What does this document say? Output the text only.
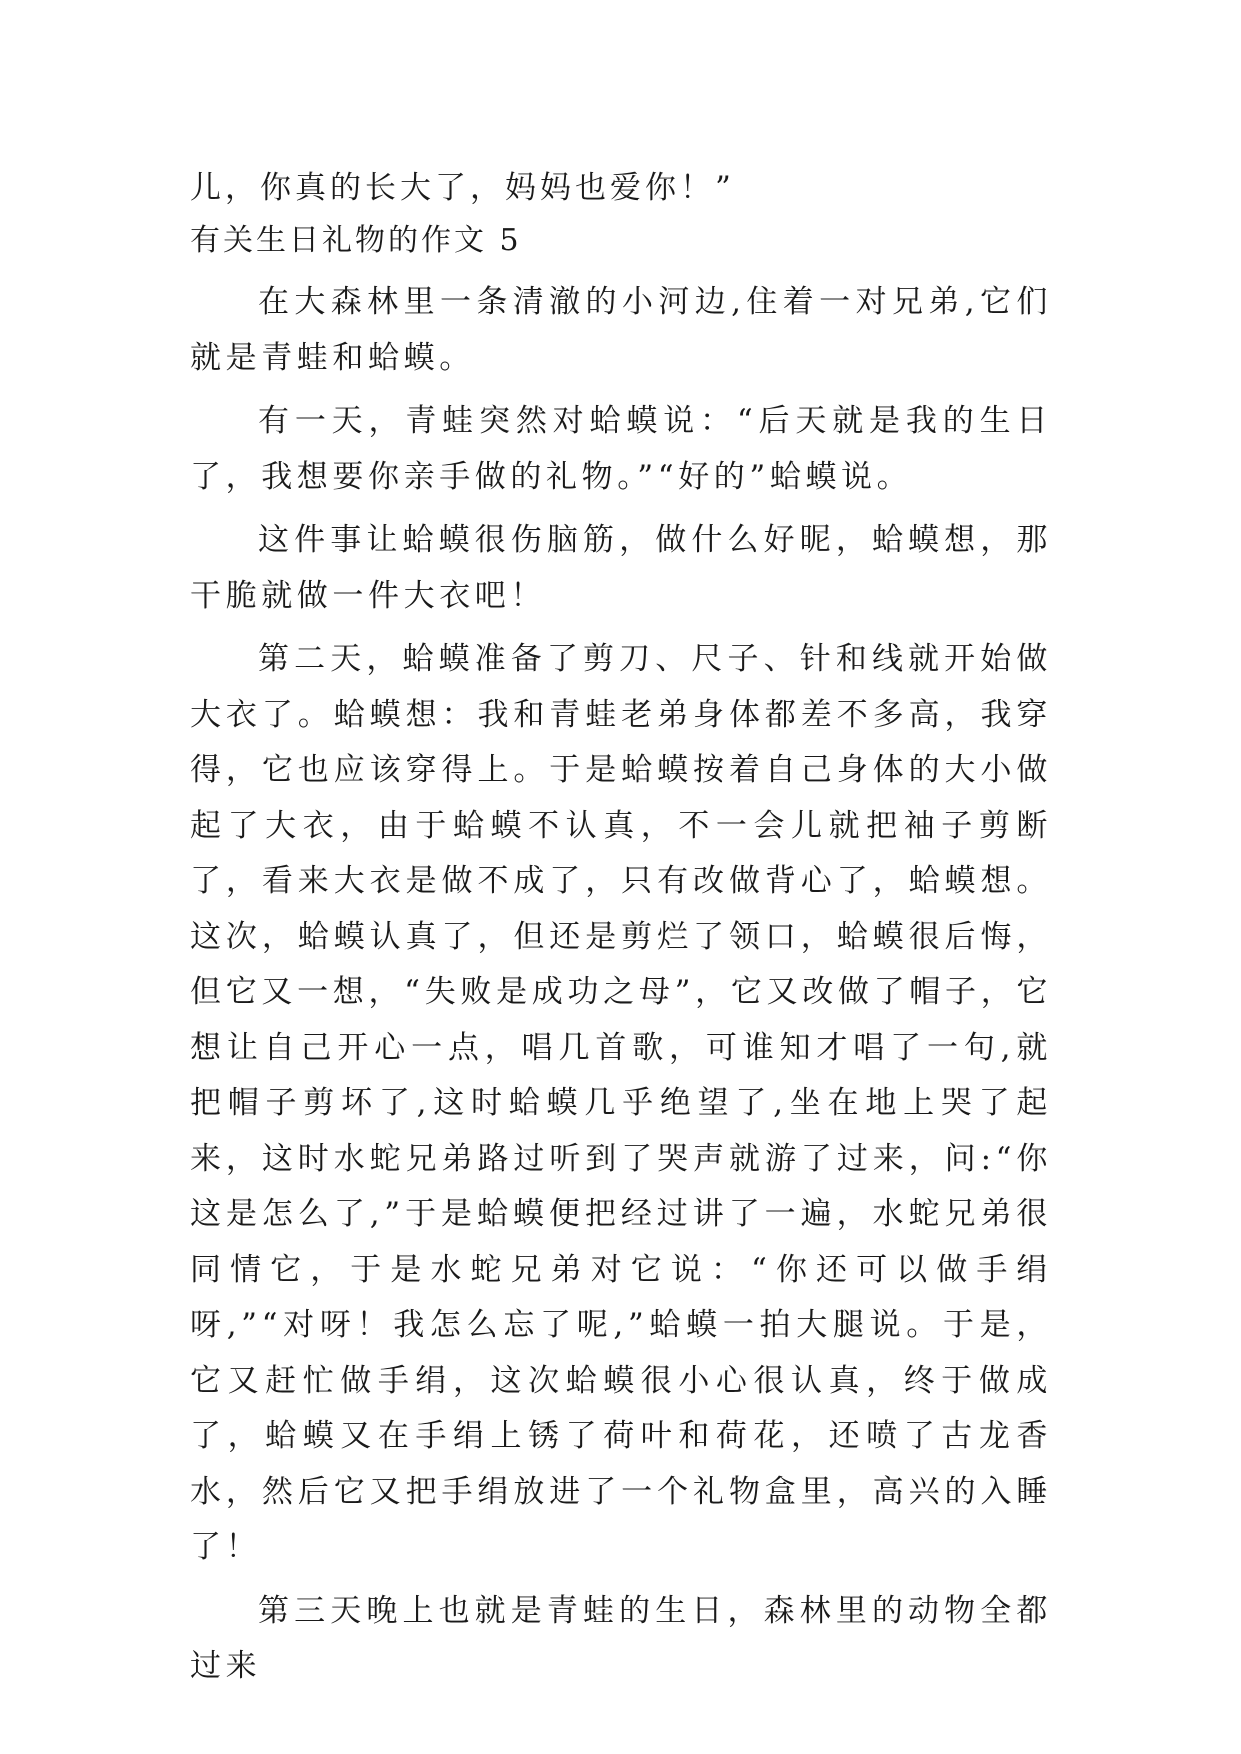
儿，你真的长大了，妈妈也爱你！”
有关生日礼物的作文 5

在大森林里一条清澈的小河边,住着一对兄弟,它们就是青蛙和蛤蟆。

有一天，青蛙突然对蛤蟆说：“后天就是我的生日了，我想要你亲手做的礼物。”“好的”蛤蟆说。

这件事让蛤蟆很伤脑筋，做什么好昵，蛤蟆想，那干脆就做一件大衣吧！

第二天，蛤蟆准备了剪刀、尺子、针和线就开始做大衣了。蛤蟆想：我和青蛙老弟身体都差不多高，我穿得，它也应该穿得上。于是蛤蟆按着自己身体的大小做起了大衣，由于蛤蟆不认真，不一会儿就把袖子剪断了，看来大衣是做不成了，只有改做背心了，蛤蟆想。这次，蛤蟆认真了，但还是剪烂了领口，蛤蟆很后悔，但它又一想，“失败是成功之母”，它又改做了帽子，它想让自己开心一点，唱几首歌，可谁知才唱了一句,就把帽子剪坏了,这时蛤蟆几乎绝望了,坐在地上哭了起来，这时水蛇兄弟路过听到了哭声就游了过来，问:“你这是怎么了,”于是蛤蟆便把经过讲了一遍，水蛇兄弟很同情它，于是水蛇兄弟对它说：“你还可以做手绢呀,”“对呀！我怎么忘了呢,”蛤蟆一拍大腿说。于是，它又赶忙做手绢，这次蛤蟆很小心很认真，终于做成了，蛤蟆又在手绢上锈了荷叶和荷花，还喷了古龙香水，然后它又把手绢放进了一个礼物盒里，高兴的入睡了！

第三天晚上也就是青蛙的生日，森林里的动物全都过来
